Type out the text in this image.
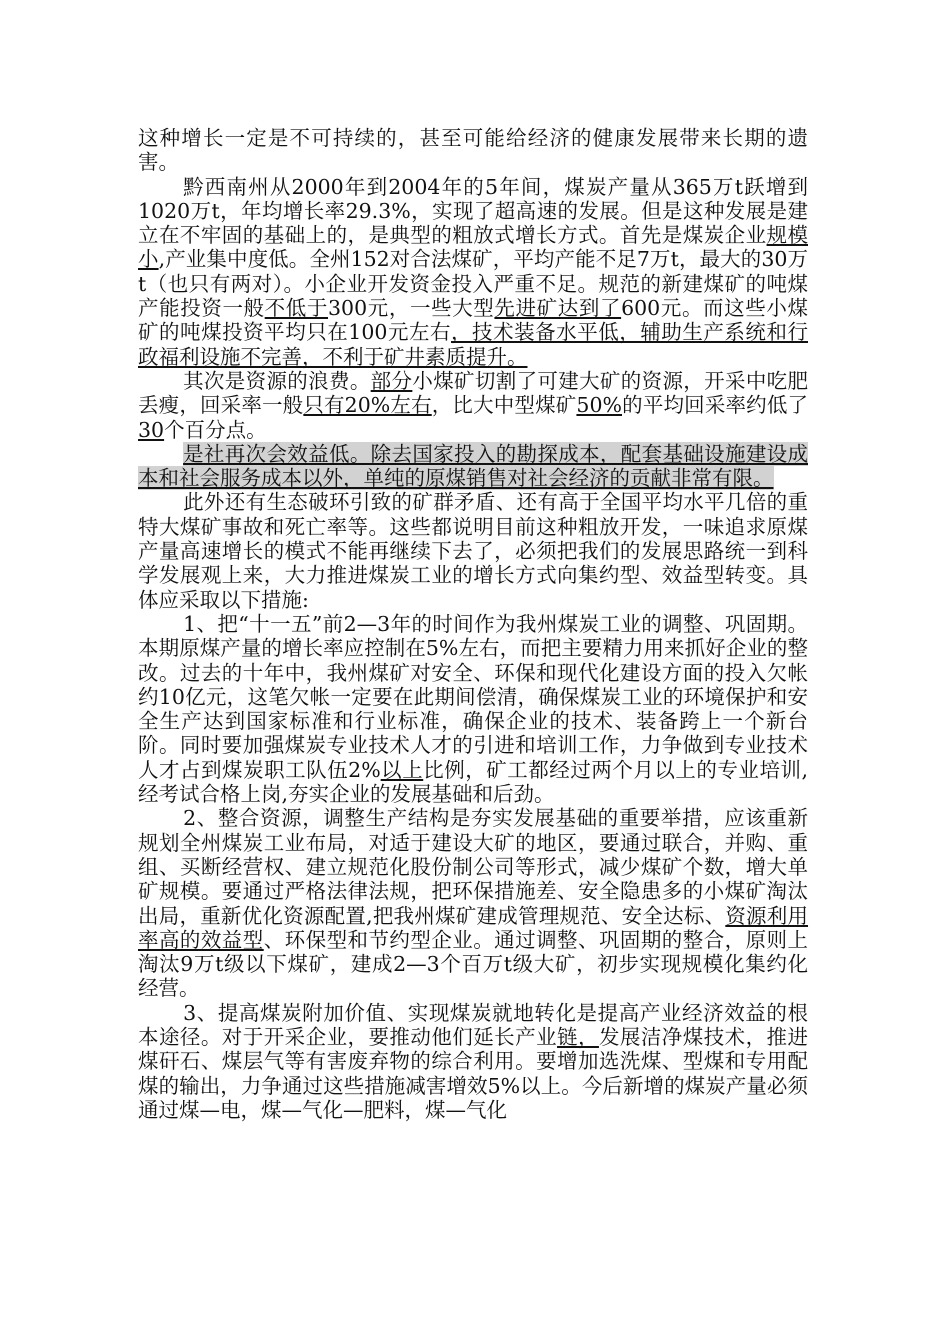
这种增长一定是不可持续的，甚至可能给经济的健康发展带来长期的遗害。

黔西南州从2000年到2004年的5年间，煤炭产量从365万t跃增到1020万t，年均增长率29.3%，实现了超高速的发展。但是这种发展是建立在不牢固的基础上的，是典型的粗放式增长方式。首先是煤炭企业规模小,产业集中度低。全州152对合法煤矿，平均产能不足7万t，最大的30万t（也只有两对）。小企业开发资金投入严重不足。规范的新建煤矿的吨煤产能投资一般不低于300元，一些大型先进矿达到了600元。而这些小煤矿的吨煤投资平均只在100元左右，技术装备水平低，辅助生产系统和行政福利设施不完善，不利于矿井素质提升。

其次是资源的浪费。部分小煤矿切割了可建大矿的资源，开采中吃肥丢瘦，回采率一般只有20%左右，比大中型煤矿50%的平均回采率约低了30个百分点。

是社再次会效益低。除去国家投入的勘探成本，配套基础设施建设成本和社会服务成本以外，单纯的原煤销售对社会经济的贡献非常有限。

此外还有生态破环引致的矿群矛盾、还有高于全国平均水平几倍的重特大煤矿事故和死亡率等。这些都说明目前这种粗放开发，一味追求原煤产量高速增长的模式不能再继续下去了，必须把我们的发展思路统一到科学发展观上来，大力推进煤炭工业的增长方式向集约型、效益型转变。具体应采取以下措施:

1、把“十一五”前2—3年的时间作为我州煤炭工业的调整、巩固期。本期原煤产量的增长率应控制在5%左右，而把主要精力用来抓好企业的整改。过去的十年中，我州煤矿对安全、环保和现代化建设方面的投入欠帐约10亿元，这笔欠帐一定要在此期间偿清，确保煤炭工业的环境保护和安全生产达到国家标准和行业标准，确保企业的技术、装备跨上一个新台阶。同时要加强煤炭专业技术人才的引进和培训工作，力争做到专业技术人才占到煤炭职工队伍2%以上比例，矿工都经过两个月以上的专业培训,经考试合格上岗,夯实企业的发展基础和后劲。

2、整合资源，调整生产结构是夯实发展基础的重要举措，应该重新规划全州煤炭工业布局，对适于建设大矿的地区，要通过联合，并购、重组、买断经营权、建立规范化股份制公司等形式，减少煤矿个数，增大单矿规模。要通过严格法律法规，把环保措施差、安全隐患多的小煤矿淘汰出局，重新优化资源配置,把我州煤矿建成管理规范、安全达标、资源利用率高的效益型、环保型和节约型企业。通过调整、巩固期的整合，原则上淘汰9万t级以下煤矿，建成2—3个百万t级大矿，初步实现规模化集约化经营。

3、提高煤炭附加价值、实现煤炭就地转化是提高产业经济效益的根本途径。对于开采企业，要推动他们延长产业链，发展洁净煤技术，推进煤矸石、煤层气等有害废弃物的综合利用。要增加选洗煤、型煤和专用配煤的输出，力争通过这些措施减害增效5%以上。今后新增的煤炭产量必须通过煤—电，煤—气化—肥料，煤—气化
